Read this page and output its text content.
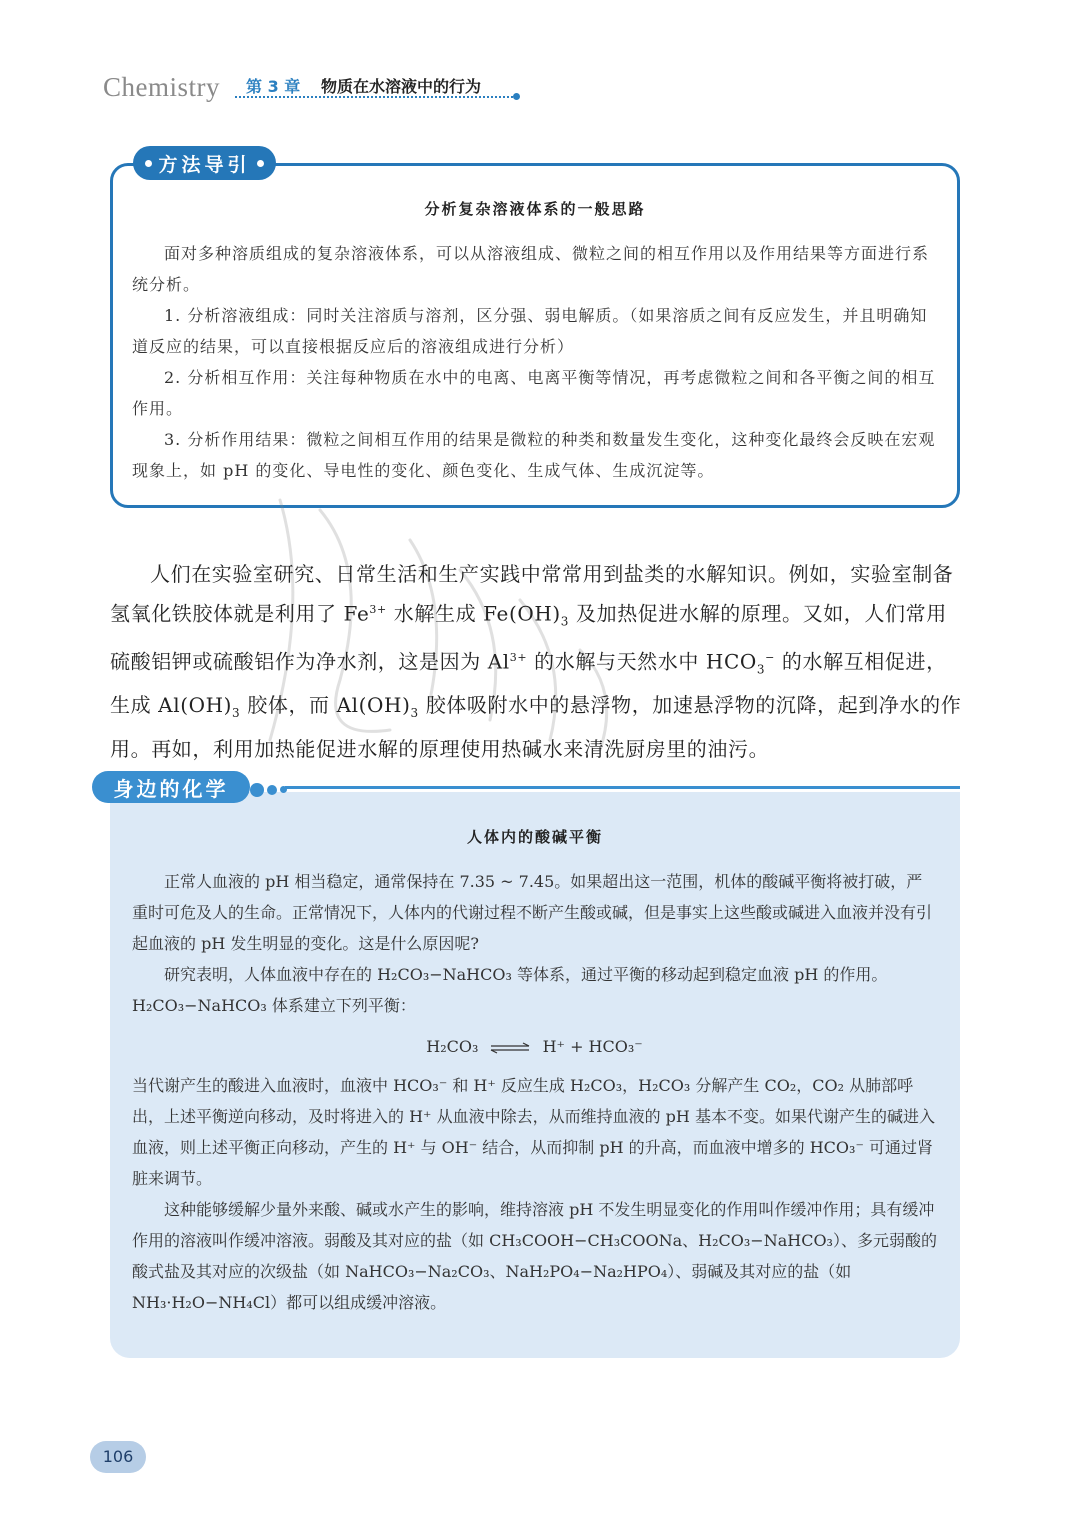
Chemistry 第 3 章 物质在水溶液中的行为
方法导引
分析复杂溶液体系的一般思路

面对多种溶质组成的复杂溶液体系，可以从溶液组成、微粒之间的相互作用以及作用结果等方面进行系统分析。

1. 分析溶液组成：同时关注溶质与溶剂，区分强、弱电解质。（如果溶质之间有反应发生，并且明确知道反应的结果，可以直接根据反应后的溶液组成进行分析）

2. 分析相互作用：关注每种物质在水中的电离、电离平衡等情况，再考虑微粒之间和各平衡之间的相互作用。

3. 分析作用结果：微粒之间相互作用的结果是微粒的种类和数量发生变化，这种变化最终会反映在宏观现象上，如 pH 的变化、导电性的变化、颜色变化、生成气体、生成沉淀等。

人们在实验室研究、日常生活和生产实践中常常用到盐类的水解知识。例如，实验室制备氢氧化铁胶体就是利用了 $Fe^{3+}$ 水解生成 $Fe(OH)_3$ 及加热促进水解的原理。又如，人们常用硫酸铝钾或硫酸铝作为净水剂，这是因为 $Al^{3+}$ 的水解与天然水中 $HCO_3^-$ 的水解互相促进，生成 $Al(OH)_3$ 胶体，而 $Al(OH)_3$ 胶体吸附水中的悬浮物，加速悬浮物的沉降，起到净水的作用。再如，利用加热能促进水解的原理使用热碱水来清洗厨房里的油污。

身边的化学
人体内的酸碱平衡

正常人血液的 pH 相当稳定，通常保持在 7.35 ~ 7.45。如果超出这一范围，机体的酸碱平衡将被打破，严重时可危及人的生命。正常情况下，人体内的代谢过程不断产生酸或碱，但是事实上这些酸或碱进入血液并没有引起血液的 pH 发生明显的变化。这是什么原因呢?

研究表明，人体血液中存在的 H₂CO₃−NaHCO₃ 等体系，通过平衡的移动起到稳定血液 pH 的作用。H₂CO₃−NaHCO₃ 体系建立下列平衡：

H₂CO₃ ⇌ H⁺ + HCO₃⁻

当代谢产生的酸进入血液时，血液中 HCO₃⁻ 和 H⁺ 反应生成 H₂CO₃，H₂CO₃ 分解产生 CO₂，CO₂ 从肺部呼出，上述平衡逆向移动，及时将进入的 H⁺ 从血液中除去，从而维持血液的 pH 基本不变。如果代谢产生的碱进入血液，则上述平衡正向移动，产生的 H⁺ 与 OH⁻ 结合，从而抑制 pH 的升高，而血液中增多的 HCO₃⁻ 可通过肾脏来调节。

这种能够缓解少量外来酸、碱或水产生的影响，维持溶液 pH 不发生明显变化的作用叫作缓冲作用；具有缓冲作用的溶液叫作缓冲溶液。弱酸及其对应的盐（如 CH₃COOH−CH₃COONa、H₂CO₃−NaHCO₃）、多元弱酸的酸式盐及其对应的次级盐（如 NaHCO₃−Na₂CO₃、NaH₂PO₄−Na₂HPO₄）、弱碱及其对应的盐（如 NH₃·H₂O−NH₄Cl）都可以组成缓冲溶液。

106
